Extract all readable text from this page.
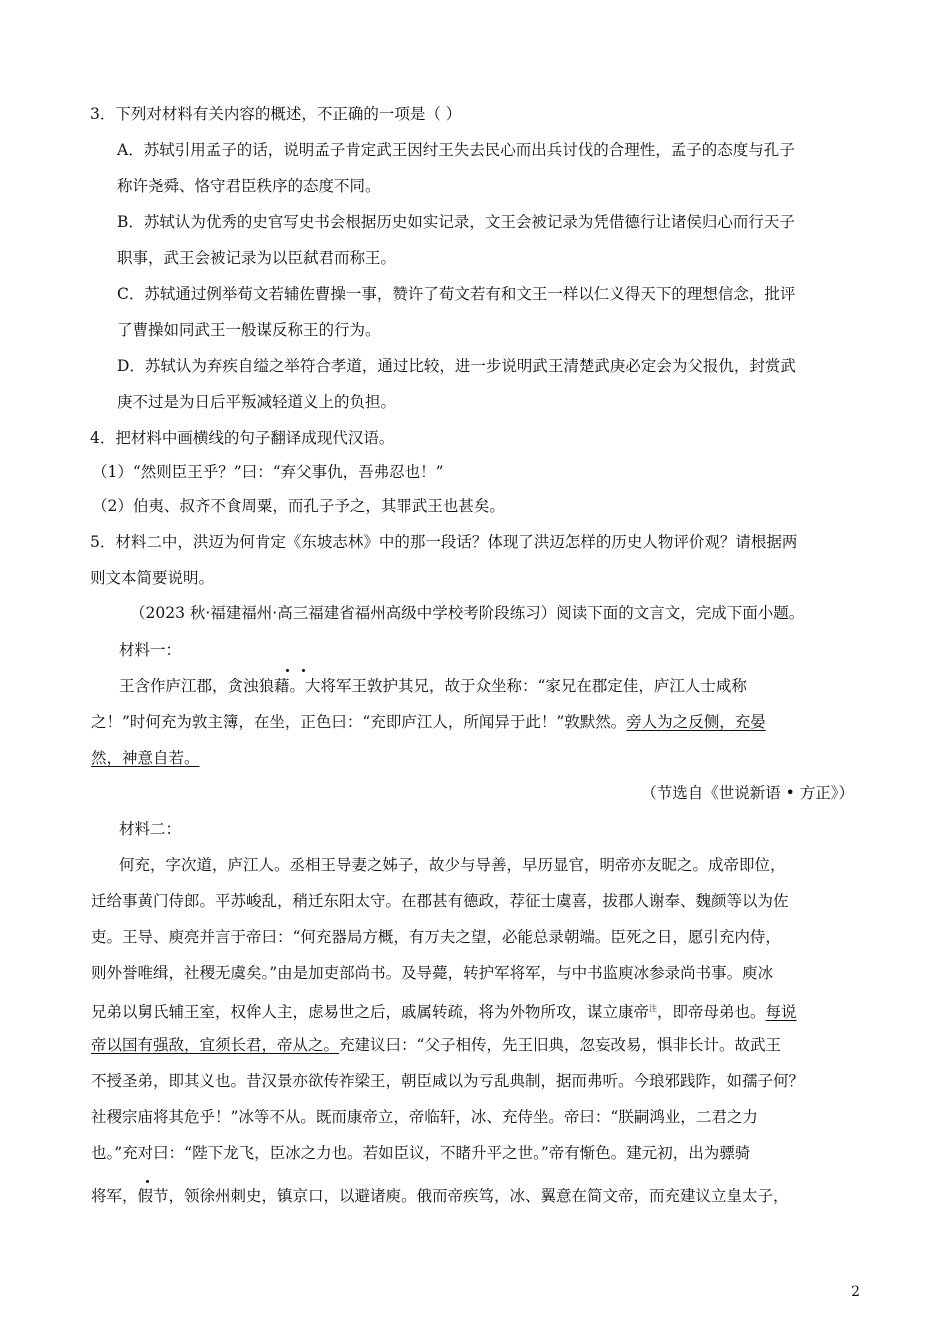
3．下列对材料有关内容的概述，不正确的一项是（ ）
A．苏轼引用孟子的话，说明孟子肯定武王因纣王失去民心而出兵讨伐的合理性，孟子的态度与孔子
称许尧舜、恪守君臣秩序的态度不同。
B．苏轼认为优秀的史官写史书会根据历史如实记录，文王会被记录为凭借德行让诸侯归心而行天子
职事，武王会被记录为以臣弑君而称王。
C．苏轼通过例举荀文若辅佐曹操一事，赞许了荀文若有和文王一样以仁义得天下的理想信念，批评
了曹操如同武王一般谋反称王的行为。
D．苏轼认为弃疾自缢之举符合孝道，通过比较，进一步说明武王清楚武庚必定会为父报仇，封赏武
庚不过是为日后平叛减轻道义上的负担。
4．把材料中画横线的句子翻译成现代汉语。
（1）“然则臣王乎？”曰：“弃父事仇，吾弗忍也！”
（2）伯夷、叔齐不食周粟，而孔子予之，其罪武王也甚矣。
5．材料二中，洪迈为何肯定《东坡志林》中的那一段话？体现了洪迈怎样的历史人物评价观？请根据两
则文本简要说明。
（2023 秋·福建福州·高三福建省福州高级中学校考阶段练习）阅读下面的文言文，完成下面小题。
材料一：
王含作庐江郡，贪浊狼藉。大将军王敦护其兄，故于众坐称：“家兄在郡定佳，庐江人士咸称
之！”时何充为敦主簿，在坐，正色曰：“充即庐江人，所闻异于此！”敦默然。旁人为之反侧，充晏
然，神意自若。
（节选自《世说新语 • 方正》）
材料二：
何充，字次道，庐江人。丞相王导妻之姊子，故少与导善，早历显官，明帝亦友昵之。成帝即位，
迁给事黄门侍郎。平苏峻乱，稍迁东阳太守。在郡甚有德政，荐征士虞喜，拔郡人谢奉、魏颜等以为佐
吏。王导、庾亮并言于帝曰：“何充器局方概，有万夫之望，必能总录朝端。臣死之日，愿引充内侍，
则外誉唯缉，社稷无虞矣。”由是加吏部尚书。及导薨，转护军将军，与中书监庾冰参录尚书事。庾冰
兄弟以舅氏辅王室，权侔人主，虑易世之后，戚属转疏，将为外物所攻，谋立康帝$^注$，即帝母弟也。每说
帝以国有强敌，宜须长君，帝从之。充建议曰：“父子相传，先王旧典，忽妄改易，惧非长计。故武王
不授圣弟，即其义也。昔汉景亦欲传祚梁王，朝臣咸以为亏乱典制，据而弗听。今琅邪践阼，如孺子何？
社稷宗庙将其危乎！”冰等不从。既而康帝立，帝临轩，冰、充侍坐。帝曰：“朕嗣鸿业，二君之力
也。”充对曰：“陛下龙飞，臣冰之力也。若如臣议，不睹升平之世。”帝有惭色。建元初，出为骠骑
将军，假节，领徐州刺史，镇京口，以避诸庾。俄而帝疾笃，冰、翼意在简文帝，而充建议立皇太子，
2
